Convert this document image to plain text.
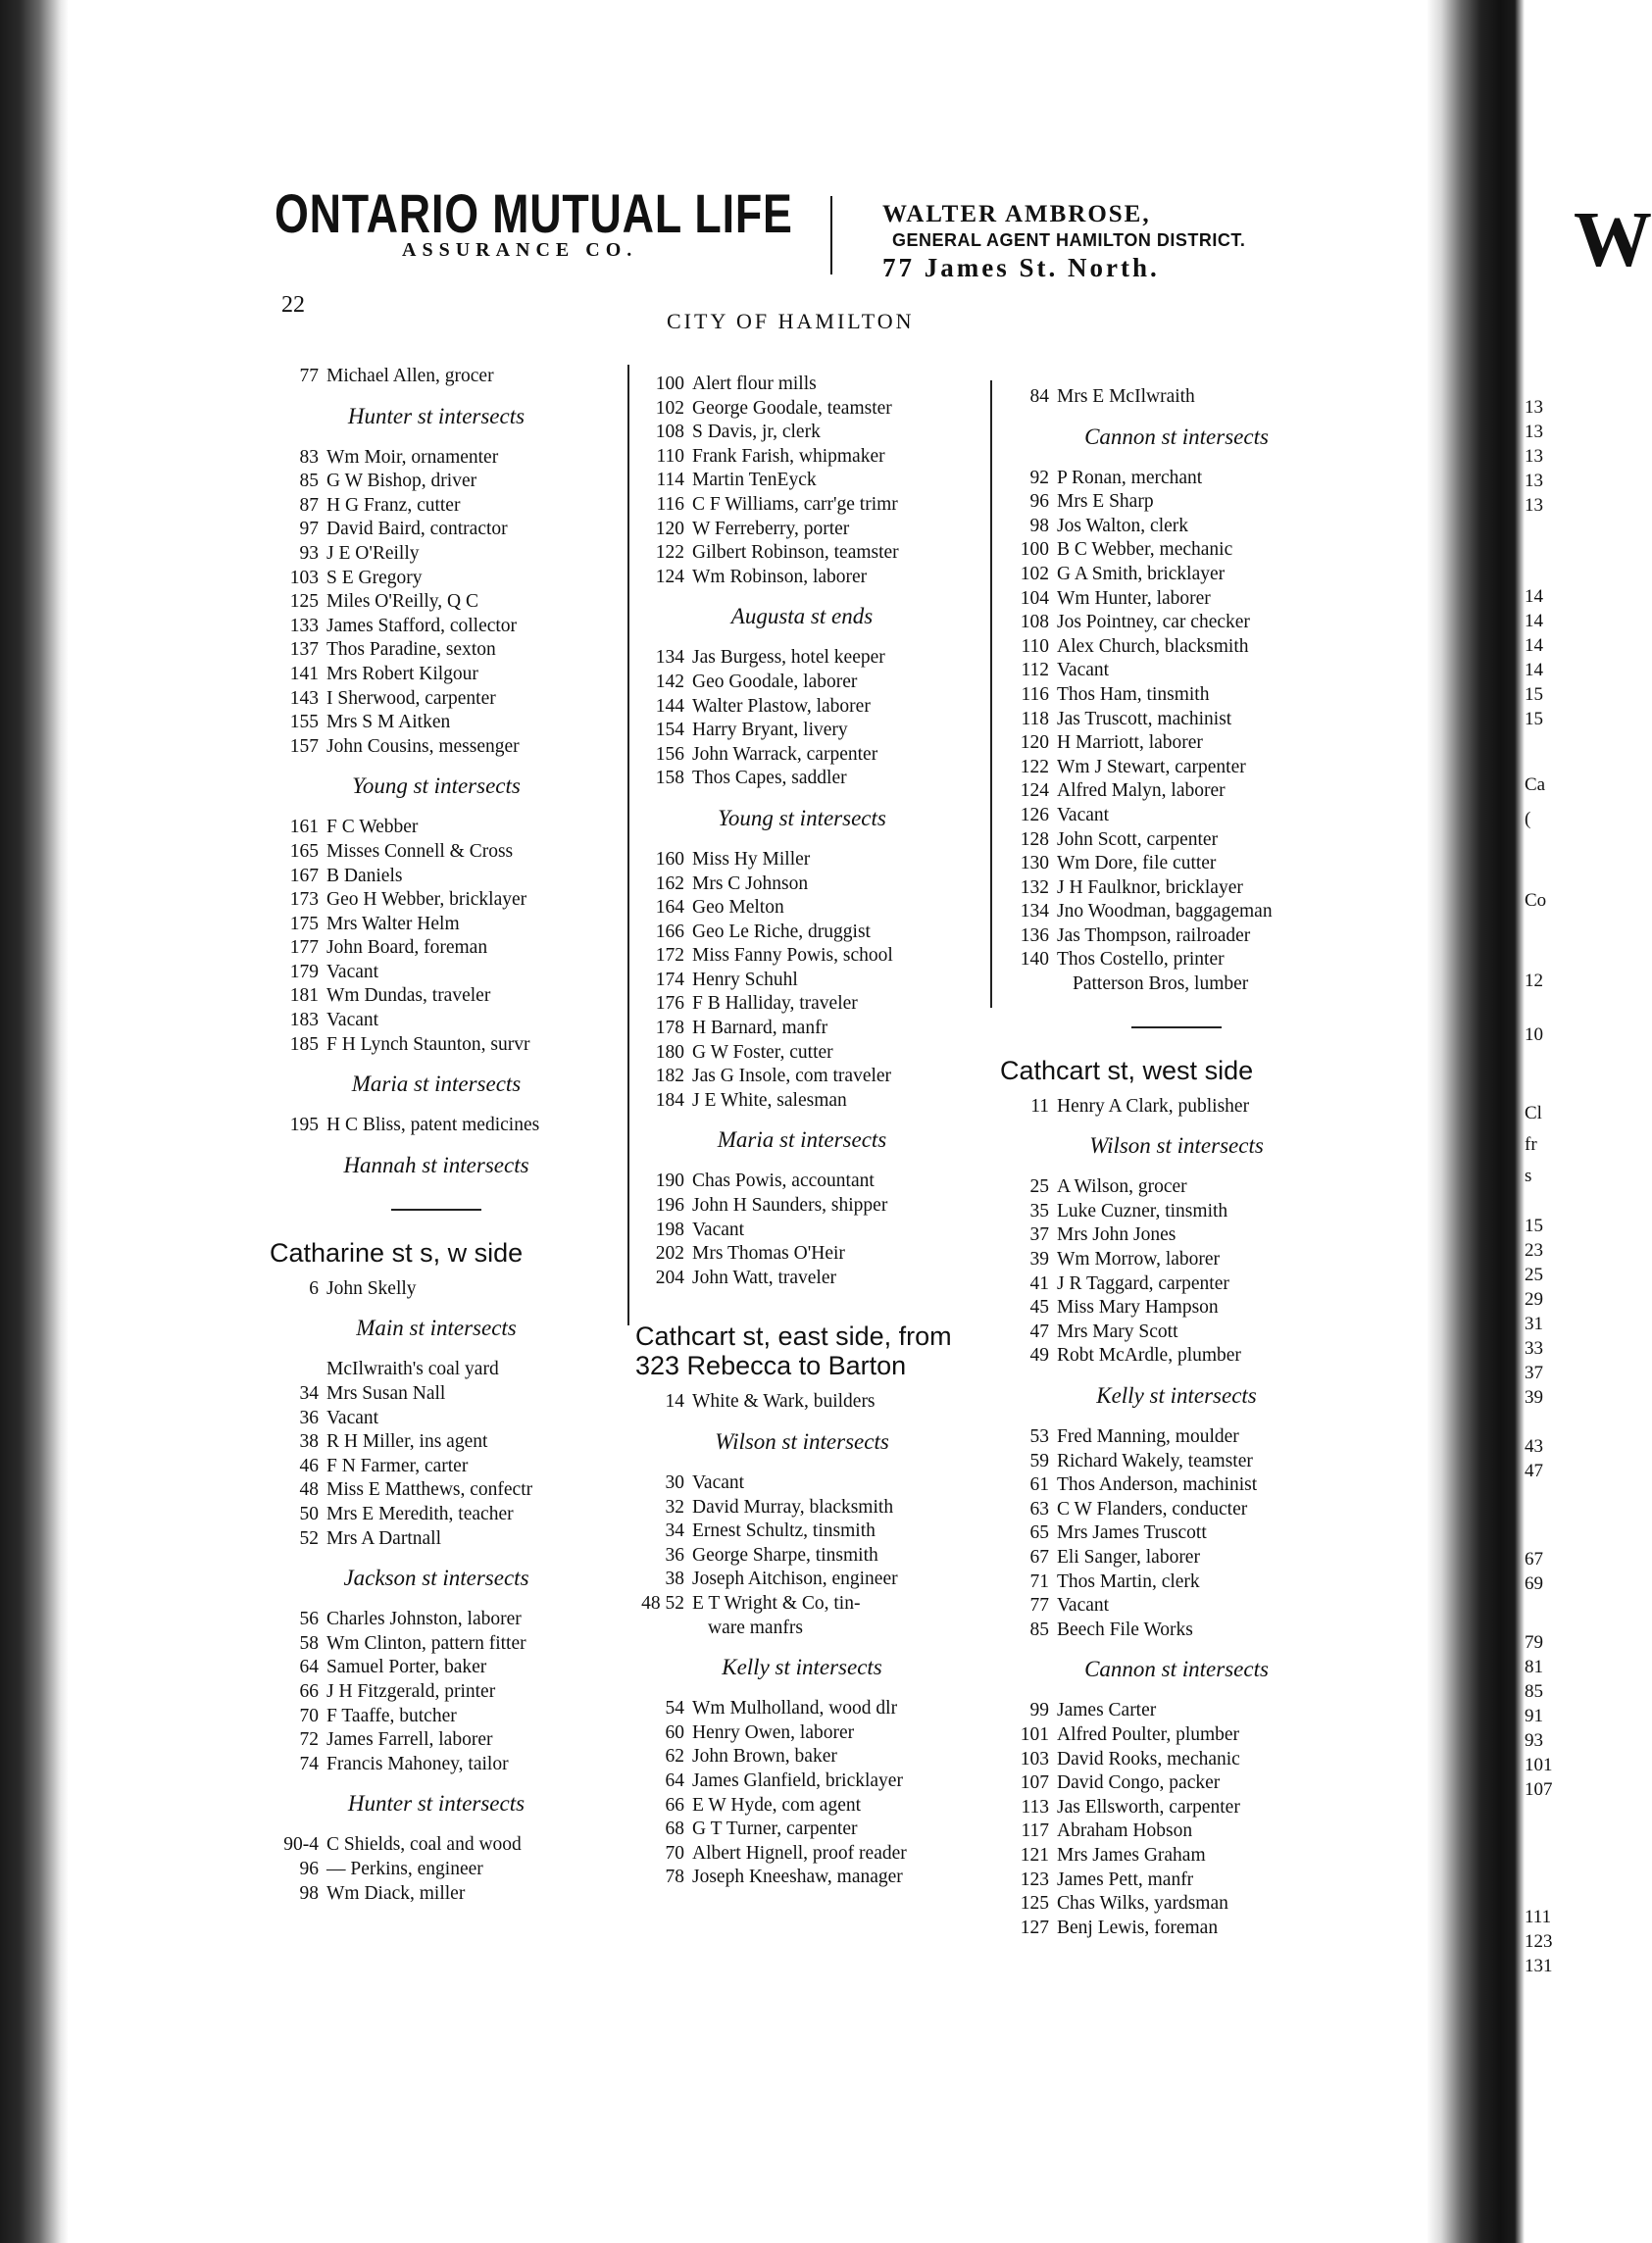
W
13
13
13
13
13
14
14
14
14
15
15
Ca
(
Co
12
10
Cl
fr
s
15
23
25
29
31
33
37
39
43
47
67
69
79
81
85
91
93
101
107
111
123
131
ONTARIO MUTUAL LIFE
ASSURANCE CO.
WALTER AMBROSE,
GENERAL AGENT HAMILTON DISTRICT.
77 James St. North.
22
CITY OF HAMILTON
77 Michael Allen, grocer
Hunter st intersects
83 Wm Moir, ornamenter
85 G W Bishop, driver
87 H G Franz, cutter
97 David Baird, contractor
93 J E O'Reilly
103 S E Gregory
125 Miles O'Reilly, Q C
133 James Stafford, collector
137 Thos Paradine, sexton
141 Mrs Robert Kilgour
143 I Sherwood, carpenter
155 Mrs S M Aitken
157 John Cousins, messenger
Young st intersects
161 F C Webber
165 Misses Connell & Cross
167 B Daniels
173 Geo H Webber, bricklayer
175 Mrs Walter Helm
177 John Board, foreman
179 Vacant
181 Wm Dundas, traveler
183 Vacant
185 F H Lynch Staunton, survr
Maria st intersects
195 H C Bliss, patent medicines
Hannah st intersects
Catharine st s, w side
6 John Skelly
Main st intersects
McIlwraith's coal yard
34 Mrs Susan Nall
36 Vacant
38 R H Miller, ins agent
46 F N Farmer, carter
48 Miss E Matthews, confectr
50 Mrs E Meredith, teacher
52 Mrs A Dartnall
Jackson st intersects
56 Charles Johnston, laborer
58 Wm Clinton, pattern fitter
64 Samuel Porter, baker
66 J H Fitzgerald, printer
70 F Taaffe, butcher
72 James Farrell, laborer
74 Francis Mahoney, tailor
Hunter st intersects
90-4 C Shields, coal and wood
96 — Perkins, engineer
98 Wm Diack, miller
100 Alert flour mills
102 George Goodale, teamster
108 S Davis, jr, clerk
110 Frank Farish, whipmaker
114 Martin TenEyck
116 C F Williams, carr'ge trimr
120 W Ferreberry, porter
122 Gilbert Robinson, teamster
124 Wm Robinson, laborer
Augusta st ends
134 Jas Burgess, hotel keeper
142 Geo Goodale, laborer
144 Walter Plastow, laborer
154 Harry Bryant, livery
156 John Warrack, carpenter
158 Thos Capes, saddler
Young st intersects
160 Miss Hy Miller
162 Mrs C Johnson
164 Geo Melton
166 Geo Le Riche, druggist
172 Miss Fanny Powis, school
174 Henry Schuhl
176 F B Halliday, traveler
178 H Barnard, manfr
180 G W Foster, cutter
182 Jas G Insole, com traveler
184 J E White, salesman
Maria st intersects
190 Chas Powis, accountant
196 John H Saunders, shipper
198 Vacant
202 Mrs Thomas O'Heir
204 John Watt, traveler
Cathcart st, east side, from 323 Rebecca to Barton
14 White & Wark, builders
Wilson st intersects
30 Vacant
32 David Murray, blacksmith
34 Ernest Schultz, tinsmith
36 George Sharpe, tinsmith
38 Joseph Aitchison, engineer
48 52 E T Wright & Co, tin-
ware manfrs
Kelly st intersects
54 Wm Mulholland, wood dlr
60 Henry Owen, laborer
62 John Brown, baker
64 James Glanfield, bricklayer
66 E W Hyde, com agent
68 G T Turner, carpenter
70 Albert Hignell, proof reader
78 Joseph Kneeshaw, manager
84 Mrs E McIlwraith
Cannon st intersects
92 P Ronan, merchant
96 Mrs E Sharp
98 Jos Walton, clerk
100 B C Webber, mechanic
102 G A Smith, bricklayer
104 Wm Hunter, laborer
108 Jos Pointney, car checker
110 Alex Church, blacksmith
112 Vacant
116 Thos Ham, tinsmith
118 Jas Truscott, machinist
120 H Marriott, laborer
122 Wm J Stewart, carpenter
124 Alfred Malyn, laborer
126 Vacant
128 John Scott, carpenter
130 Wm Dore, file cutter
132 J H Faulknor, bricklayer
134 Jno Woodman, baggageman
136 Jas Thompson, railroader
140 Thos Costello, printer
Patterson Bros, lumber
Cathcart st, west side
11 Henry A Clark, publisher
Wilson st intersects
25 A Wilson, grocer
35 Luke Cuzner, tinsmith
37 Mrs John Jones
39 Wm Morrow, laborer
41 J R Taggard, carpenter
45 Miss Mary Hampson
47 Mrs Mary Scott
49 Robt McArdle, plumber
Kelly st intersects
53 Fred Manning, moulder
59 Richard Wakely, teamster
61 Thos Anderson, machinist
63 C W Flanders, conducter
65 Mrs James Truscott
67 Eli Sanger, laborer
71 Thos Martin, clerk
77 Vacant
85 Beech File Works
Cannon st intersects
99 James Carter
101 Alfred Poulter, plumber
103 David Rooks, mechanic
107 David Congo, packer
113 Jas Ellsworth, carpenter
117 Abraham Hobson
121 Mrs James Graham
123 James Pett, manfr
125 Chas Wilks, yardsman
127 Benj Lewis, foreman
